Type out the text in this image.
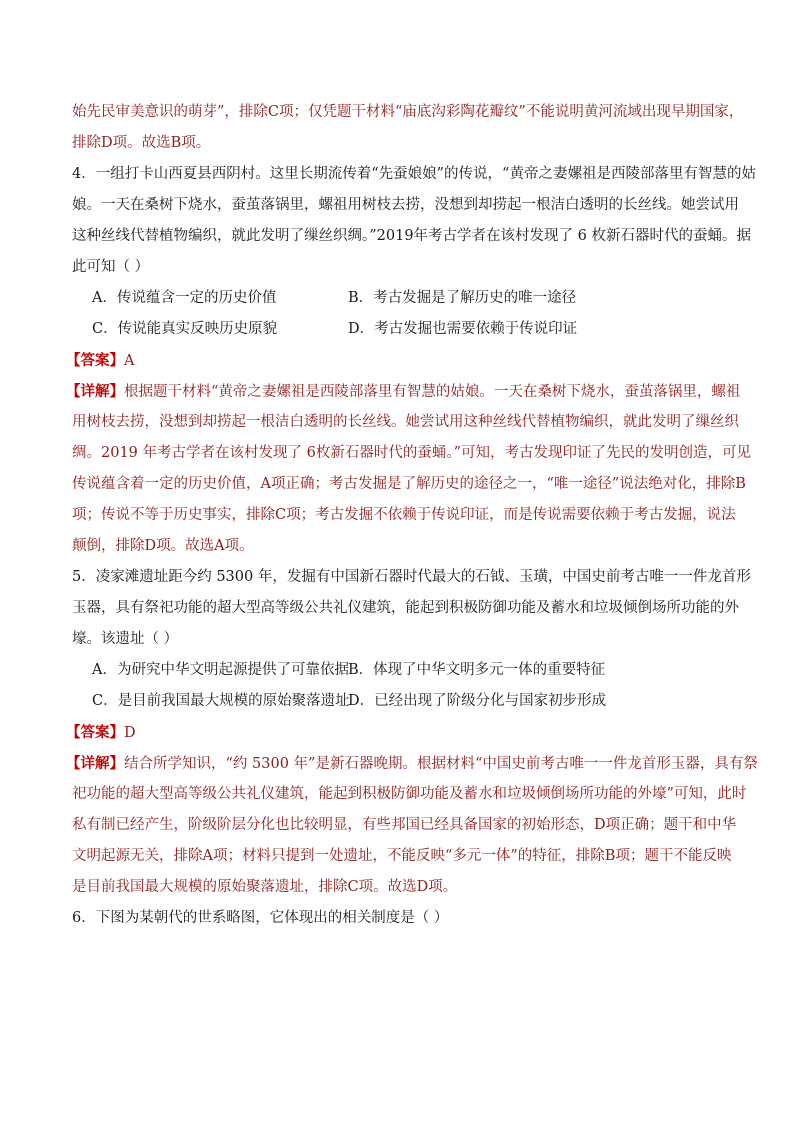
始先民审美意识的萌芽”，排除C项；仅凭题干材料“庙底沟彩陶花瓣纹”不能说明黄河流域出现早期国家，
排除D项。故选B项。
4．一组打卡山西夏县西阴村。这里长期流传着“先蚕娘娘”的传说，“黄帝之妻嫘祖是西陵部落里有智慧的姑
娘。一天在桑树下烧水，蚕茧落锅里，螺祖用树枝去捞，没想到却捞起一根洁白透明的长丝线。她尝试用
这种丝线代替植物编织，就此发明了缫丝织绸。”2019年考古学者在该村发现了 6 枚新石器时代的蚕蛹。据
此可知（ ）
A．传说蕴含一定的历史价值	B．考古发掘是了解历史的唯一途径
C．传说能真实反映历史原貌	D．考古发掘也需要依赖于传说印证
【答案】A
【详解】根据题干材料“黄帝之妻嫘祖是西陵部落里有智慧的姑娘。一天在桑树下烧水，蚕茧落锅里，螺祖
用树枝去捞，没想到却捞起一根洁白透明的长丝线。她尝试用这种丝线代替植物编织，就此发明了缫丝织
绸。2019 年考古学者在该村发现了 6枚新石器时代的蚕蛹。”可知，考古发现印证了先民的发明创造，可见
传说蕴含着一定的历史价值，A项正确；考古发掘是了解历史的途径之一，“唯一途径”说法绝对化，排除B
项；传说不等于历史事实，排除C项；考古发掘不依赖于传说印证，而是传说需要依赖于考古发掘，说法
颠倒，排除D项。故选A项。
5．凌家滩遗址距今约 5300 年，发掘有中国新石器时代最大的石钺、玉璜，中国史前考古唯一一件龙首形
玉器，具有祭祀功能的超大型高等级公共礼仪建筑，能起到积极防御功能及蓄水和垃圾倾倒场所功能的外
壕。该遗址（ ）
A．为研究中华文明起源提供了可靠依据 B．体现了中华文明多元一体的重要特征
C．是目前我国最大规模的原始聚落遗址
D．已经出现了阶级分化与国家初步形成
【答案】D
【详解】结合所学知识，“约 5300 年”是新石器晚期。根据材料“中国史前考古唯一一件龙首形玉器，具有祭
祀功能的超大型高等级公共礼仪建筑，能起到积极防御功能及蓄水和垃圾倾倒场所功能的外壕”可知，此时
私有制已经产生，阶级阶层分化也比较明显，有些邦国已经具备国家的初始形态，D项正确；题干和中华
文明起源无关，排除A项；材料只提到一处遗址，不能反映“多元一体”的特征，排除B项；题干不能反映
是目前我国最大规模的原始聚落遗址，排除C项。故选D项。
6．下图为某朝代的世系略图，它体现出的相关制度是（ ）
